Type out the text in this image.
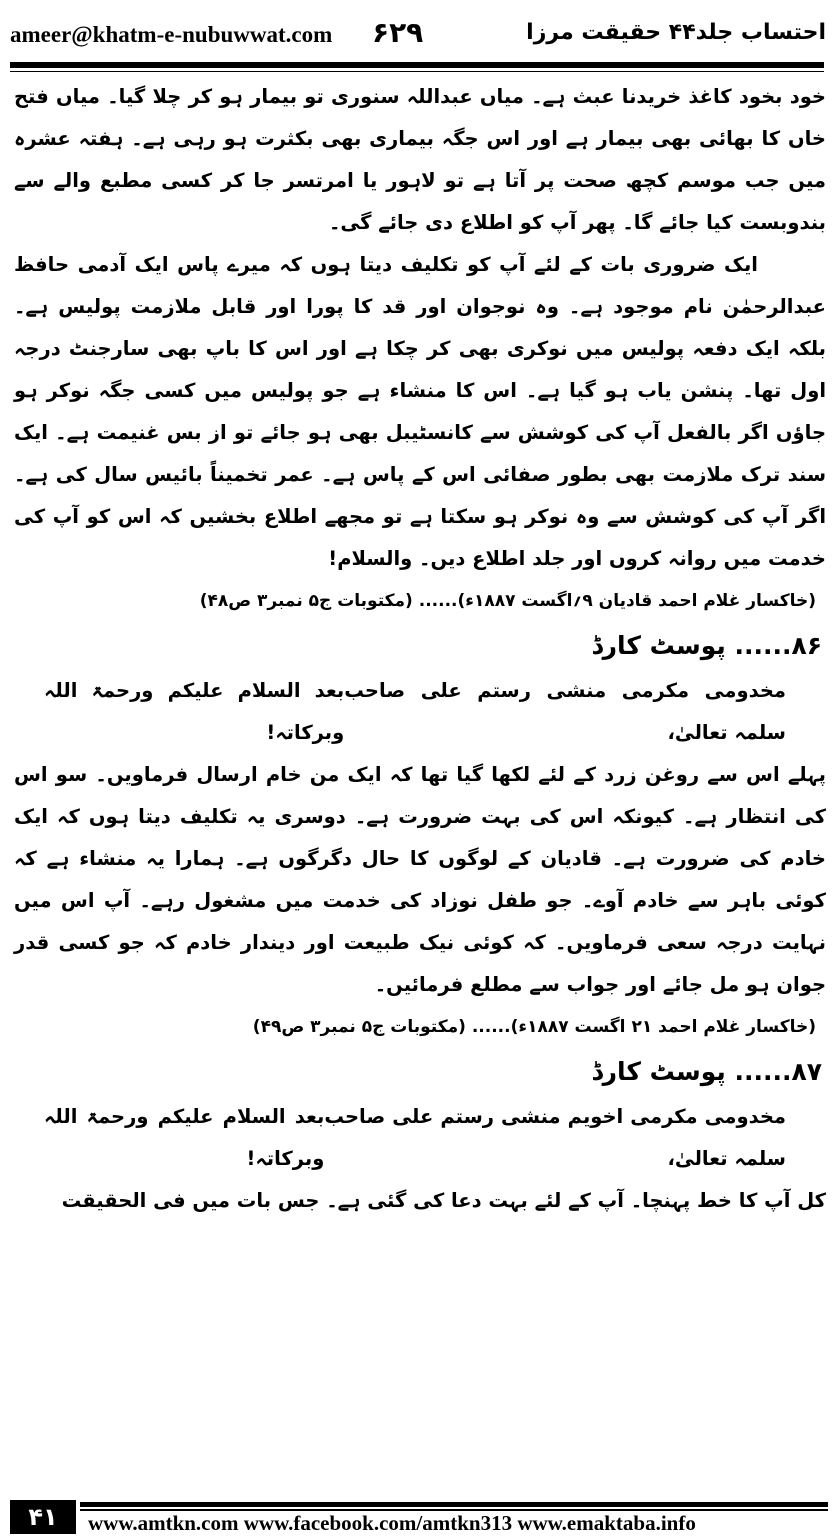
ameer@khatm-e-nubuwwat.com ۶۲۹	احتساب جلد۴۴ حقیقت مرزا

خود بخود کاغذ خریدنا عبث ہے۔ میاں عبداللہ سنوری تو بیمار ہو کر چلا گیا۔ میاں فتح خاں کا بھائی بھی بیمار ہے اور اس جگہ بیماری بھی بکثرت ہو رہی ہے۔ ہفتہ عشرہ میں جب موسم کچھ صحت پر آتا ہے تو لاہور یا امرتسر جا کر کسی مطبع والے سے بندوبست کیا جائے گا۔ پھر آپ کو اطلاع دی جائے گی۔

ایک ضروری بات کے لئے آپ کو تکلیف دیتا ہوں کہ میرے پاس ایک آدمی حافظ عبدالرحمٰن نام موجود ہے۔ وہ نوجوان اور قد کا پورا اور قابل ملازمت پولیس ہے۔ بلکہ ایک دفعہ پولیس میں نوکری بھی کر چکا ہے اور اس کا باپ بھی سارجنٹ درجہ اول تھا۔ پنشن یاب ہو گیا ہے۔ اس کا منشاء ہے جو پولیس میں کسی جگہ نوکر ہو جاؤں اگر بالفعل آپ کی کوشش سے کانسٹیبل بھی ہو جائے تو از بس غنیمت ہے۔ ایک سند ترک ملازمت بھی بطور صفائی اس کے پاس ہے۔ عمر تخمیناً بائیس سال کی ہے۔ اگر آپ کی کوشش سے وہ نوکر ہو سکتا ہے تو مجھے اطلاع بخشیں کہ اس کو آپ کی خدمت میں روانہ کروں اور جلد اطلاع دیں۔ والسلام!

(خاکسار غلام احمد قادیان ۹؍اگست ۱۸۸۷ء)...... (مکتوبات ج۵ نمبر۳ ص۴۸)
۸۶...... پوسٹ کارڈ
مخدومی مکرمی منشی رستم علی صاحب سلمہ تعالیٰ،
بعد السلام علیکم ورحمۃ اللہ وبرکاتہ!

پہلے اس سے روغن زرد کے لئے لکھا گیا تھا کہ ایک من خام ارسال فرماویں۔ سو اس کی انتظار ہے۔ کیونکہ اس کی بہت ضرورت ہے۔ دوسری یہ تکلیف دیتا ہوں کہ ایک خادم کی ضرورت ہے۔ قادیان کے لوگوں کا حال دگرگوں ہے۔ ہمارا یہ منشاء ہے کہ کوئی باہر سے خادم آوے۔ جو طفل نوزاد کی خدمت میں مشغول رہے۔ آپ اس میں نہایت درجہ سعی فرماویں۔ کہ کوئی نیک طبیعت اور دیندار خادم کہ جو کسی قدر جوان ہو مل جائے اور جواب سے مطلع فرمائیں۔

(خاکسار غلام احمد ۲۱ اگست ۱۸۸۷ء)...... (مکتوبات ج۵ نمبر۳ ص۴۹)
۸۷...... پوسٹ کارڈ
مخدومی مکرمی اخویم منشی رستم علی صاحب سلمہ تعالیٰ،
بعد السلام علیکم ورحمۃ اللہ وبرکاتہ!

کل آپ کا خط پہنچا۔ آپ کے لئے بہت دعا کی گئی ہے۔ جس بات میں فی الحقیقت

۴۱	www.amtkn.com www.facebook.com/amtkn313 www.emaktaba.info
